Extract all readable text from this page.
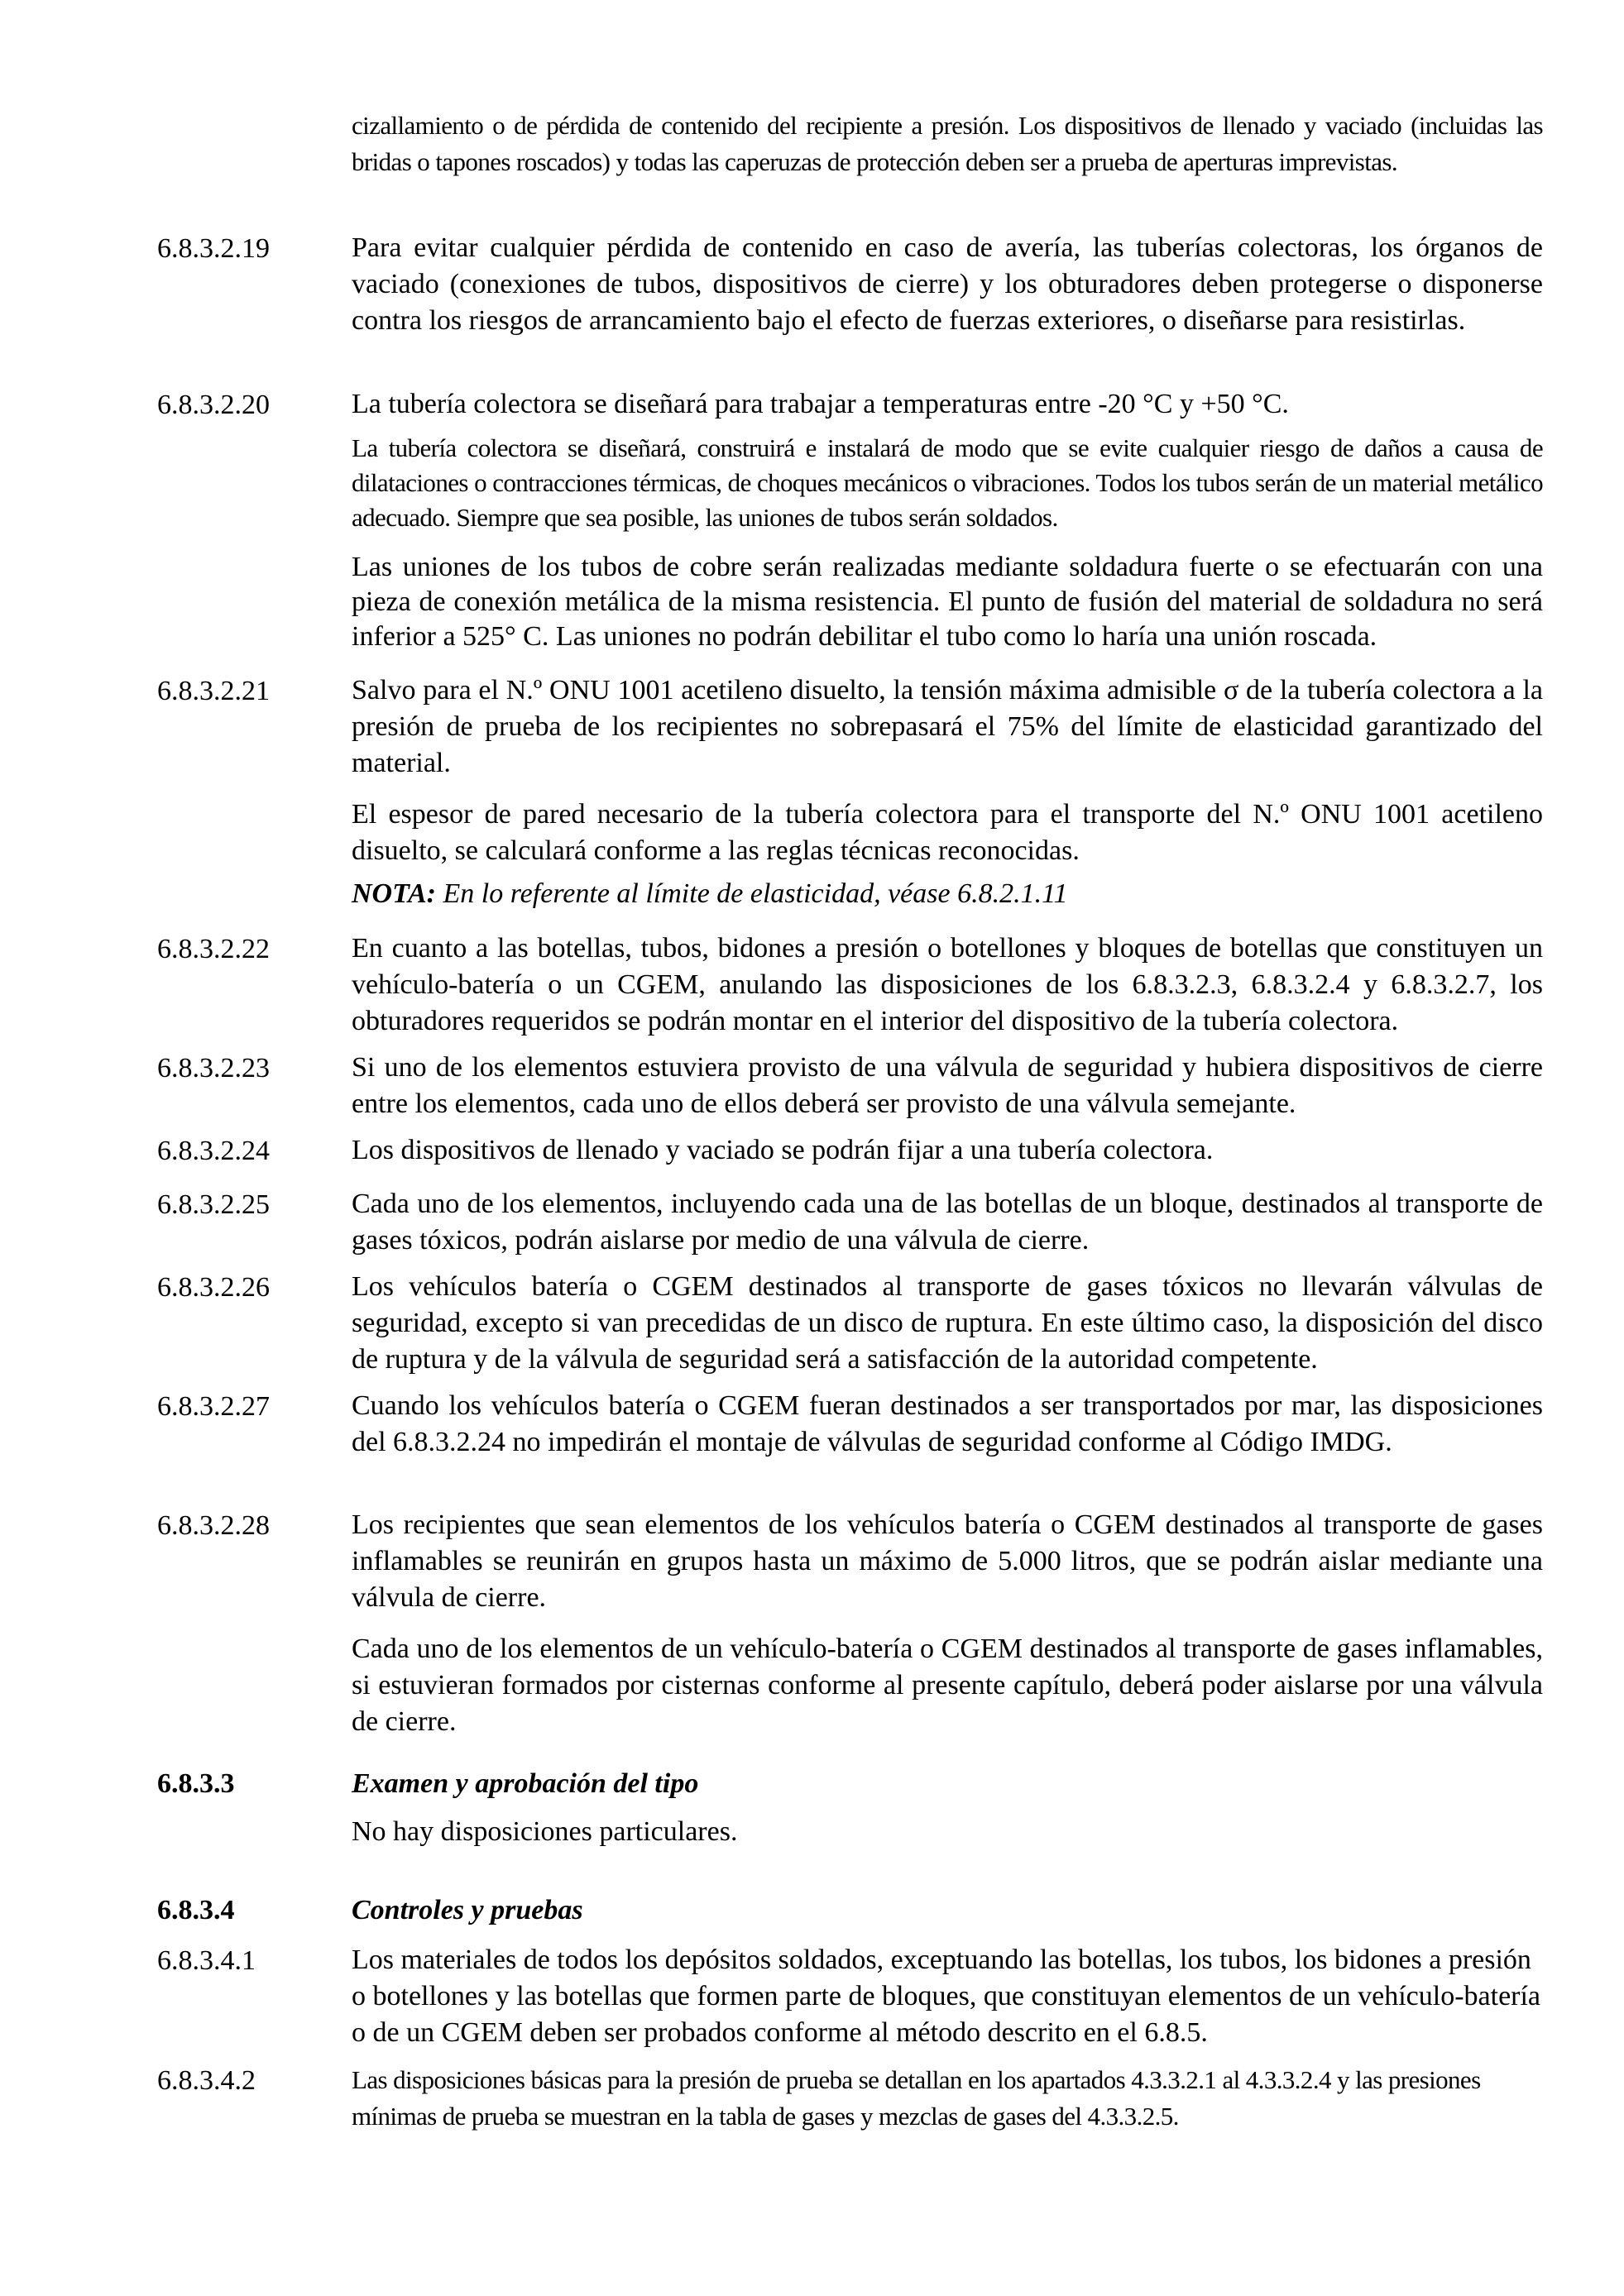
cizallamiento o de pérdida de contenido del recipiente a presión. Los dispositivos de llenado y vaciado (incluidas las bridas o tapones roscados) y todas las caperuzas de protección deben ser a prueba de aperturas imprevistas.

6.8.3.2.19	Para evitar cualquier pérdida de contenido en caso de avería, las tuberías colectoras, los órganos de vaciado (conexiones de tubos, dispositivos de cierre) y los obturadores deben protegerse o disponerse contra los riesgos de arrancamiento bajo el efecto de fuerzas exteriores, o diseñarse para resistirlas.

6.8.3.2.20	La tubería colectora se diseñará para trabajar a temperaturas entre -20 °C y +50 °C.

La tubería colectora se diseñará, construirá e instalará de modo que se evite cualquier riesgo de daños a causa de dilataciones o contracciones térmicas, de choques mecánicos o vibraciones. Todos los tubos serán de un material metálico adecuado. Siempre que sea posible, las uniones de tubos serán soldados.

Las uniones de los tubos de cobre serán realizadas mediante soldadura fuerte o se efectuarán con una pieza de conexión metálica de la misma resistencia. El punto de fusión del material de soldadura no será inferior a 525° C. Las uniones no podrán debilitar el tubo como lo haría una unión roscada.

6.8.3.2.21	Salvo para el N.º ONU 1001 acetileno disuelto, la tensión máxima admisible σ de la tubería colectora a la presión de prueba de los recipientes no sobrepasará el 75% del límite de elasticidad garantizado del material.

El espesor de pared necesario de la tubería colectora para el transporte del N.º ONU 1001 acetileno disuelto, se calculará conforme a las reglas técnicas reconocidas.

NOTA: En lo referente al límite de elasticidad, véase 6.8.2.1.11

6.8.3.2.22	En cuanto a las botellas, tubos, bidones a presión o botellones y bloques de botellas que constituyen un vehículo-batería o un CGEM, anulando las disposiciones de los 6.8.3.2.3, 6.8.3.2.4 y 6.8.3.2.7, los obturadores requeridos se podrán montar en el interior del dispositivo de la tubería colectora.

6.8.3.2.23	Si uno de los elementos estuviera provisto de una válvula de seguridad y hubiera dispositivos de cierre entre los elementos, cada uno de ellos deberá ser provisto de una válvula semejante.

6.8.3.2.24	Los dispositivos de llenado y vaciado se podrán fijar a una tubería colectora.

6.8.3.2.25	Cada uno de los elementos, incluyendo cada una de las botellas de un bloque, destinados al transporte de gases tóxicos, podrán aislarse por medio de una válvula de cierre.

6.8.3.2.26	Los vehículos batería o CGEM destinados al transporte de gases tóxicos no llevarán válvulas de seguridad, excepto si van precedidas de un disco de ruptura. En este último caso, la disposición del disco de ruptura y de la válvula de seguridad será a satisfacción de la autoridad competente.

6.8.3.2.27	Cuando los vehículos batería o CGEM fueran destinados a ser transportados por mar, las disposiciones del 6.8.3.2.24 no impedirán el montaje de válvulas de seguridad conforme al Código IMDG.

6.8.3.2.28	Los recipientes que sean elementos de los vehículos batería o CGEM destinados al transporte de gases inflamables se reunirán en grupos hasta un máximo de 5.000 litros, que se podrán aislar mediante una válvula de cierre.

Cada uno de los elementos de un vehículo-batería o CGEM destinados al transporte de gases inflamables, si estuvieran formados por cisternas conforme al presente capítulo, deberá poder aislarse por una válvula de cierre.

6.8.3.3	Examen y aprobación del tipo

No hay disposiciones particulares.

6.8.3.4	Controles y pruebas
6.8.3.4.1	Los materiales de todos los depósitos soldados, exceptuando las botellas, los tubos, los bidones a presión o botellones y las botellas que formen parte de bloques, que constituyan elementos de un vehículo-batería o de un CGEM deben ser probados conforme al método descrito en el 6.8.5.

6.8.3.4.2	Las disposiciones básicas para la presión de prueba se detallan en los apartados 4.3.3.2.1 al 4.3.3.2.4 y las presiones mínimas de prueba se muestran en la tabla de gases y mezclas de gases del 4.3.3.2.5.
